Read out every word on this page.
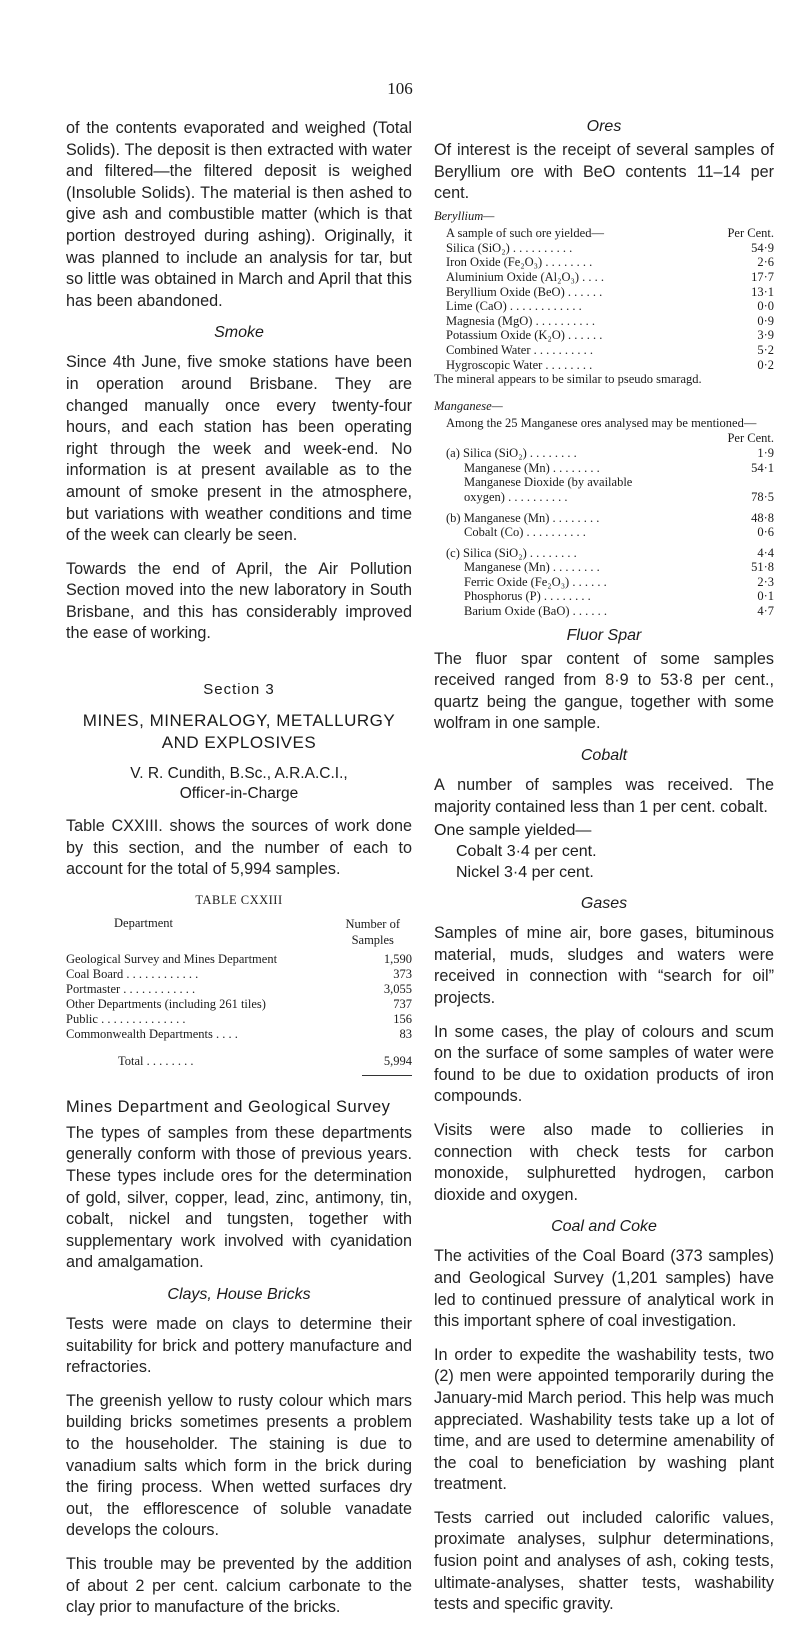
106

of the contents evaporated and weighed (Total Solids). The deposit is then extracted with water and filtered—the filtered deposit is weighed (Insoluble Solids). The material is then ashed to give ash and combustible matter (which is that portion destroyed during ashing). Originally, it was planned to include an analysis for tar, but so little was obtained in March and April that this has been abandoned.

Smoke

Since 4th June, five smoke stations have been in operation around Brisbane. They are changed manually once every twenty-four hours, and each station has been operating right through the week and week-end. No information is at present available as to the amount of smoke present in the atmosphere, but variations with weather conditions and time of the week can clearly be seen.

Towards the end of April, the Air Pollution Section moved into the new laboratory in South Brisbane, and this has considerably improved the ease of working.

Section 3
MINES, MINERALOGY, METALLURGY
AND EXPLOSIVES
V. R. Cundith, B.Sc., A.R.A.C.I.,
Officer-in-Charge

Table CXXIII. shows the sources of work done by this section, and the number of each to account for the total of 5,994 samples.

TABLE CXXIII
Department	Number of
Samples
Geological Survey and Mines Department	1,590
Coal Board . . . . . . . . . . . .	373
Portmaster . . . . . . . . . . . .	3,055
Other Departments (including 261 tiles)	737
Public . . . . . . . . . . . . . .	156
Commonwealth Departments . . . .	83
Total . . . . . . . .	5,994
Mines Department and Geological Survey

The types of samples from these departments generally conform with those of previous years. These types include ores for the determination of gold, silver, copper, lead, zinc, antimony, tin, cobalt, nickel and tungsten, together with supplementary work involved with cyanidation and amalgamation.

Clays, House Bricks

Tests were made on clays to determine their suitability for brick and pottery manufacture and refractories.

The greenish yellow to rusty colour which mars building bricks sometimes presents a problem to the householder. The staining is due to vanadium salts which form in the brick during the firing process. When wetted surfaces dry out, the efflorescence of soluble vanadate develops the colours.

This trouble may be prevented by the addition of about 2 per cent. calcium carbonate to the clay prior to manufacture of the bricks.

Ores

Of interest is the receipt of several samples of Beryllium ore with BeO contents 11–14 per cent.

Beryllium—
A sample of such ore yielded—	Per Cent.
Silica (SiO₂) . . . . . . . . . .	54·9
Iron Oxide (Fe₂O₃) . . . . . . . .	2·6
Aluminium Oxide (Al₂O₃) . . . .	17·7
Beryllium Oxide (BeO) . . . . . .	13·1
Lime (CaO) . . . . . . . . . . . .	0·0
Magnesia (MgO) . . . . . . . . . .	0·9
Potassium Oxide (K₂O) . . . . . .	3·9
Combined Water . . . . . . . . . .	5·2
Hygroscopic Water . . . . . . . .	0·2
The mineral appears to be similar to pseudo smaragd.
Manganese—
Among the 25 Manganese ores analysed may be mentioned—
Per Cent.
(a) Silica (SiO₂) . . . . . . . .	1·9
Manganese (Mn) . . . . . . . .	54·1
Manganese Dioxide (by available
oxygen) . . . . . . . . . .	78·5
(b) Manganese (Mn) . . . . . . . .	48·8
Cobalt (Co) . . . . . . . . . .	0·6
(c) Silica (SiO₂) . . . . . . . .	4·4
Manganese (Mn) . . . . . . . .	51·8
Ferric Oxide (Fe₂O₃) . . . . . .	2·3
Phosphorus (P) . . . . . . . .	0·1
Barium Oxide (BaO) . . . . . .	4·7
Fluor Spar

The fluor spar content of some samples received ranged from 8·9 to 53·8 per cent., quartz being the gangue, together with some wolfram in one sample.

Cobalt

A number of samples was received. The majority contained less than 1 per cent. cobalt.

One sample yielded—
Cobalt 3·4 per cent.
Nickel 3·4 per cent.
Gases

Samples of mine air, bore gases, bituminous material, muds, sludges and waters were received in connection with “search for oil” projects.

In some cases, the play of colours and scum on the surface of some samples of water were found to be due to oxidation products of iron compounds.

Visits were also made to collieries in connection with check tests for carbon monoxide, sulphuretted hydrogen, carbon dioxide and oxygen.

Coal and Coke

The activities of the Coal Board (373 samples) and Geological Survey (1,201 samples) have led to continued pressure of analytical work in this important sphere of coal investigation.

In order to expedite the washability tests, two (2) men were appointed temporarily during the January-mid March period. This help was much appreciated. Washability tests take up a lot of time, and are used to determine amenability of the coal to beneficiation by washing plant treatment.

Tests carried out included calorific values, proximate analyses, sulphur determinations, fusion point and analyses of ash, coking tests, ultimate-analyses, shatter tests, washability tests and specific gravity.
